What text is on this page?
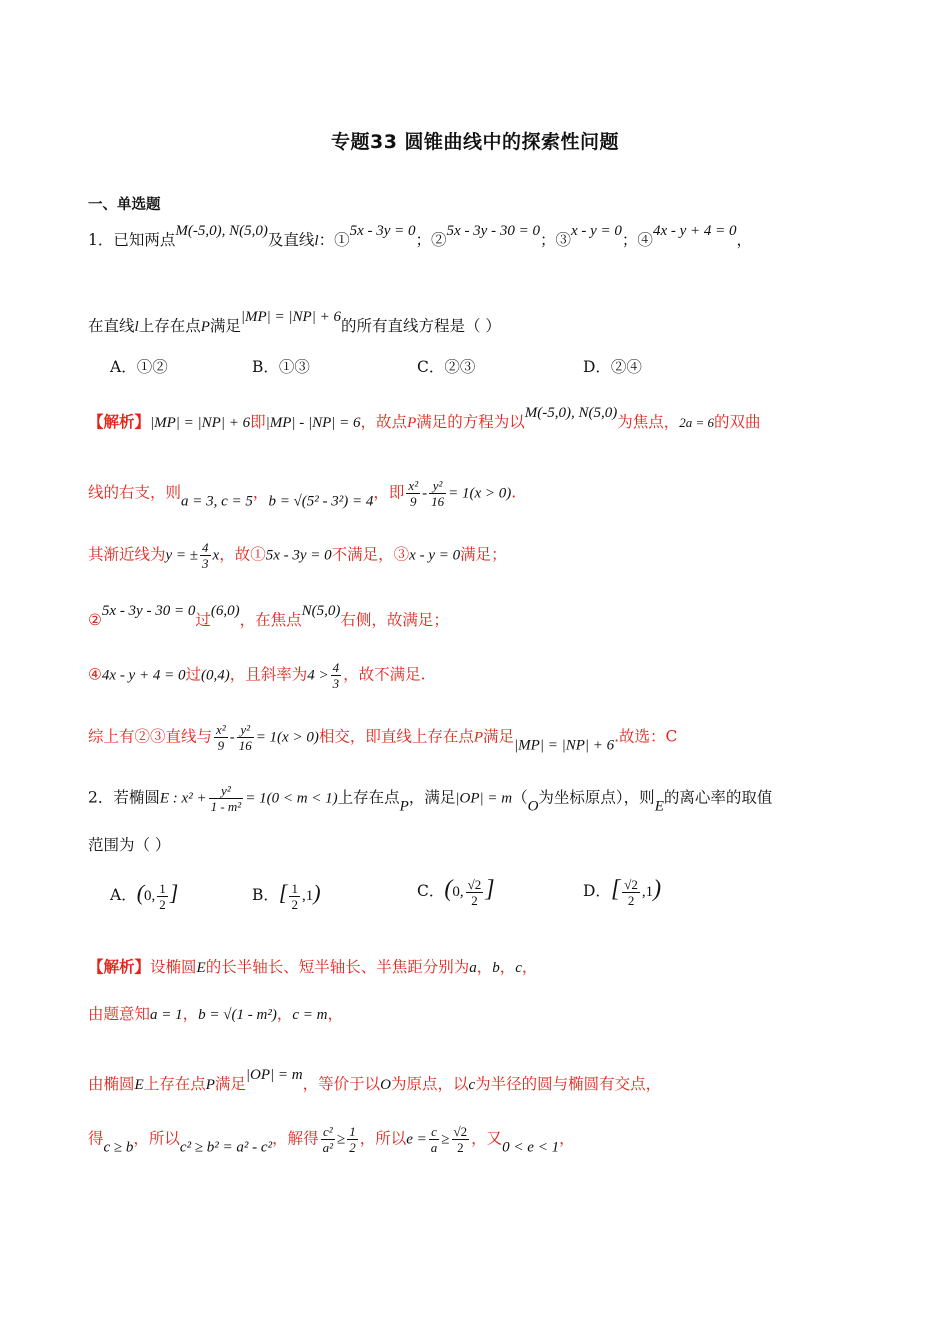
专题33 圆锥曲线中的探索性问题
一、单选题
1．已知两点M(-5,0), N(5,0)及直线l：①5x - 3y = 0；②5x - 3y - 30 = 0；③x - y = 0；④4x - y + 4 = 0，
在直线l上存在点P满足|MP| = |NP| + 6的所有直线方程是（ ）
A．①②	B．①③	C．②③	D．②④
【解析】|MP| = |NP| + 6即|MP| - |NP| = 6，故点P满足的方程为以M(-5,0), N(5,0)为焦点，2a = 6的双曲
线的右支，则a = 3, c = 5，b = √(5² - 3²) = 4，即 $\frac{\text{x²}}{9} - \frac{\text{y²}}{16} = 1(x > 0)$.
其渐近线为y = ± $\frac{4}{3}$ x，故①5x - 3y = 0不满足，③x - y = 0满足；
②5x - 3y - 30 = 0过(6,0)，在焦点N(5,0)右侧，故满足；
④4x - y + 4 = 0过(0,4)，且斜率为$4 > \frac{4}{3}$ ，故不满足.
综上有②③直线与 $\frac{\text{x²}}{9} - \frac{\text{y²}}{16} = 1(x > 0)$相交，即直线上存在点P满足|MP| = |NP| + 6.故选：C
2．若椭圆E : $x^2 + \frac{\text{y²}}{\text{1 - m²}} = 1(0 < m < 1)$上存在点P，满足|OP| = m（O为坐标原点），则E的离心率的取值
范围为（ ）
A．(0, $\frac{1}{2}$ ]	B．[ $\frac{1}{2} ,1$)	C．(0, $\frac{√2}{2}$ ]	D．[ $\frac{√2}{2} ,1$)
【解析】设椭圆E的长半轴长、短半轴长、半焦距分别为a，b，c，
由题意知a = 1，b = √(1 - m²)，c = m，
由椭圆E上存在点P满足|OP| = m，等价于以O为原点，以c为半径的圆与椭圆有交点，
得c ≥ b，所以c² ≥ b² = a² - c²，解得 $\frac{\text{c²}}{\text{a²}} \ge \frac{1}{2}$ ，所以$e = \frac{c}{a} \ge \frac{√2}{2}$ ，又0 < e < 1，
